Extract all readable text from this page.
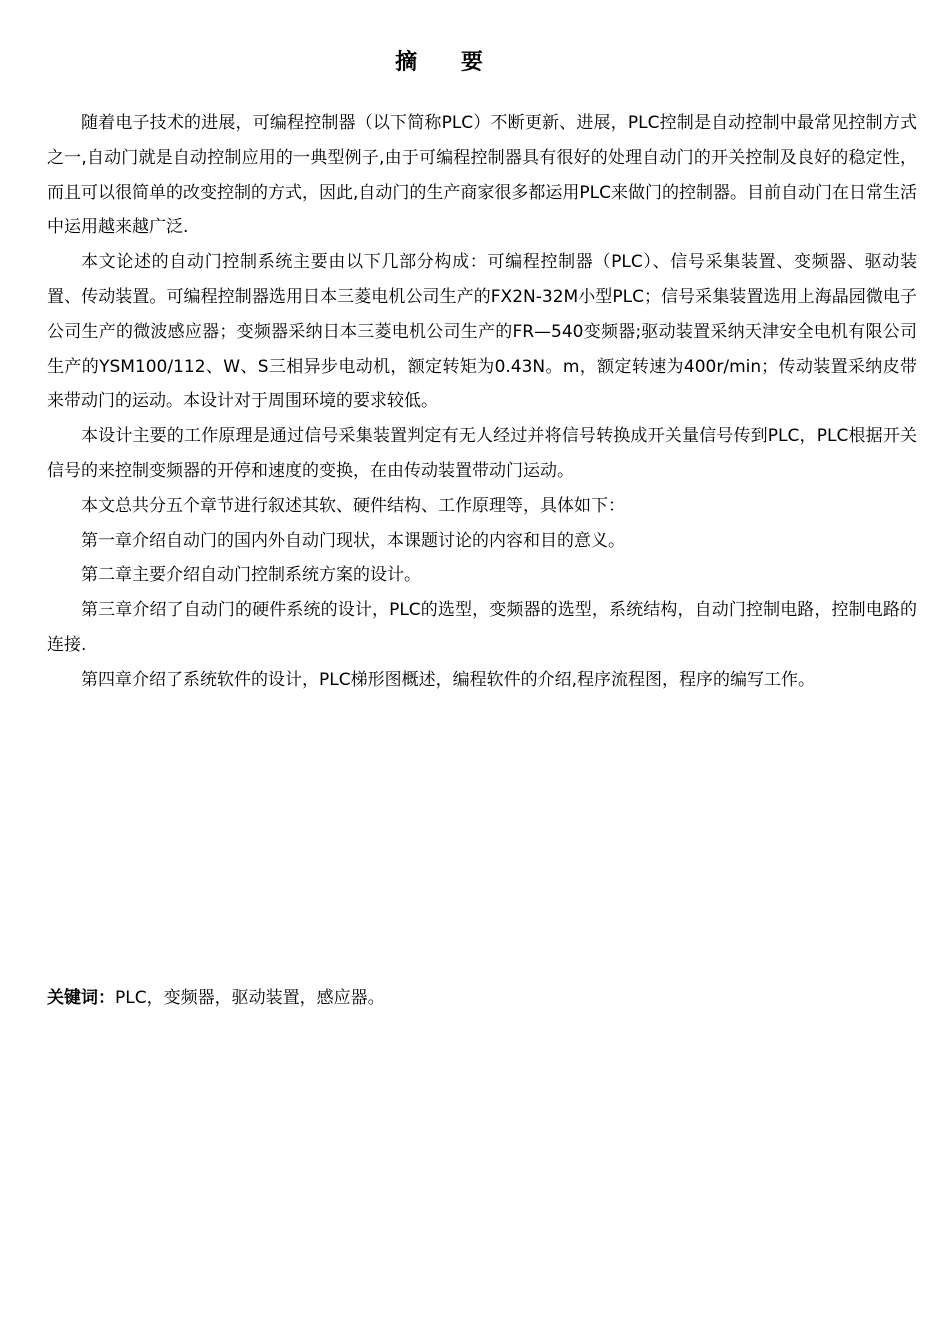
摘 要

随着电子技术的进展，可编程控制器（以下简称PLC）不断更新、进展，PLC控制是自动控制中最常见控制方式之一,自动门就是自动控制应用的一典型例子,由于可编程控制器具有很好的处理自动门的开关控制及良好的稳定性，而且可以很简单的改变控制的方式，因此,自动门的生产商家很多都运用PLC来做门的控制器。目前自动门在日常生活中运用越来越广泛.

本文论述的自动门控制系统主要由以下几部分构成：可编程控制器（PLC）、信号采集装置、变频器、驱动装置、传动装置。可编程控制器选用日本三菱电机公司生产的FX2N-32M小型PLC；信号采集装置选用上海晶园微电子公司生产的微波感应器；变频器采纳日本三菱电机公司生产的FR—540变频器;驱动装置采纳天津安全电机有限公司生产的YSM100/112、W、S三相异步电动机，额定转矩为0.43N。m，额定转速为400r/min；传动装置采纳皮带来带动门的运动。本设计对于周围环境的要求较低。

本设计主要的工作原理是通过信号采集装置判定有无人经过并将信号转换成开关量信号传到PLC，PLC根据开关信号的来控制变频器的开停和速度的变换，在由传动装置带动门运动。

本文总共分五个章节进行叙述其软、硬件结构、工作原理等，具体如下：

第一章介绍自动门的国内外自动门现状，本课题讨论的内容和目的意义。

第二章主要介绍自动门控制系统方案的设计。

第三章介绍了自动门的硬件系统的设计，PLC的选型，变频器的选型，系统结构，自动门控制电路，控制电路的连接.

第四章介绍了系统软件的设计，PLC梯形图概述，编程软件的介绍,程序流程图，程序的编写工作。

关键词：PLC，变频器，驱动装置，感应器。
